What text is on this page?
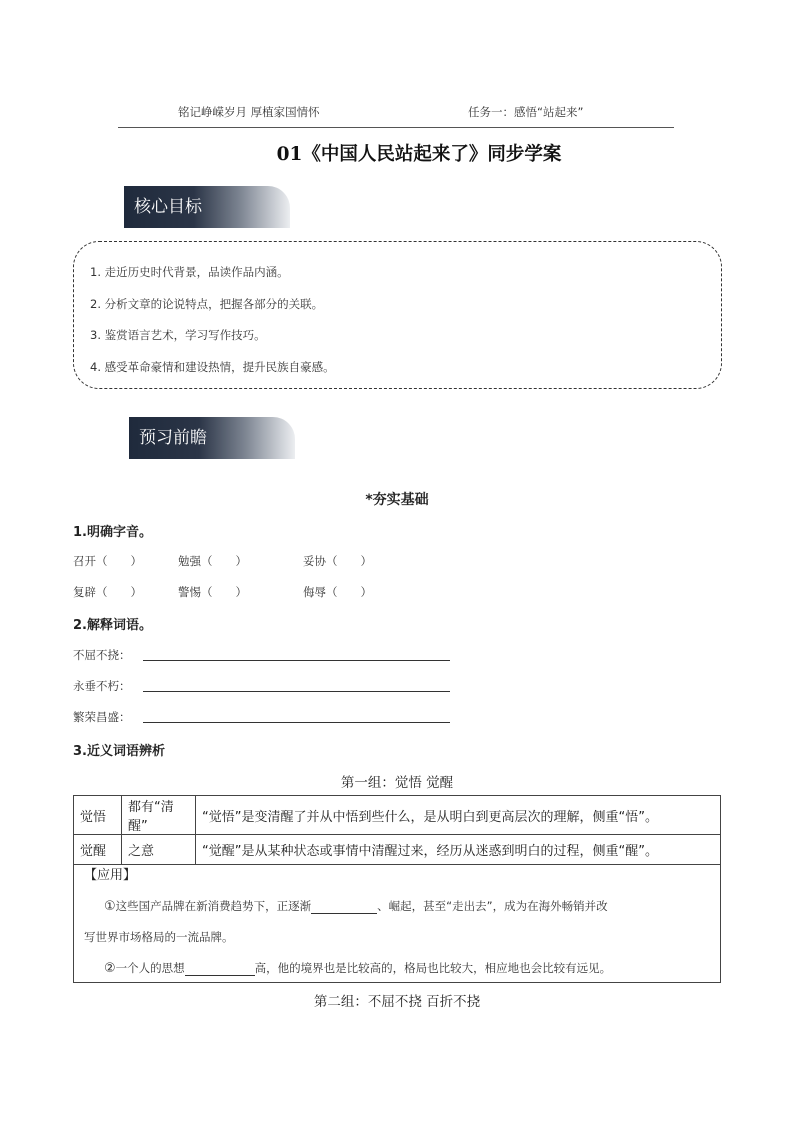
铭记峥嵘岁月 厚植家国情怀	任务一：感悟“站起来”
01《中国人民站起来了》同步学案
核心目标
1. 走近历史时代背景，品读作品内涵。
2. 分析文章的论说特点，把握各部分的关联。
3. 鉴赏语言艺术，学习写作技巧。
4. 感受革命豪情和建设热情，提升民族自豪感。
预习前瞻
*夯实基础
1.明确字音。
召开（　　）	勉强（　　）	妥协（　　）
复辟（　　）	警惕（　　）	侮辱（　　）
2.解释词语。
不屈不挠：
永垂不朽：
繁荣昌盛：
3.近义词语辨析
第一组：觉悟 觉醒
觉悟	都有“清醒”	“觉悟”是变清醒了并从中悟到些什么，是从明白到更高层次的理解，侧重“悟”。
觉醒	之意	“觉醒”是从某种状态或事情中清醒过来，经历从迷惑到明白的过程，侧重“醒”。
【应用】
①这些国产品牌在新消费趋势下，正逐渐	、崛起，甚至“走出去”，成为在海外畅销并改
写世界市场格局的一流品牌。
②一个人的思想	高，他的境界也是比较高的，格局也比较大，相应地也会比较有远见。
第二组：不屈不挠 百折不挠
